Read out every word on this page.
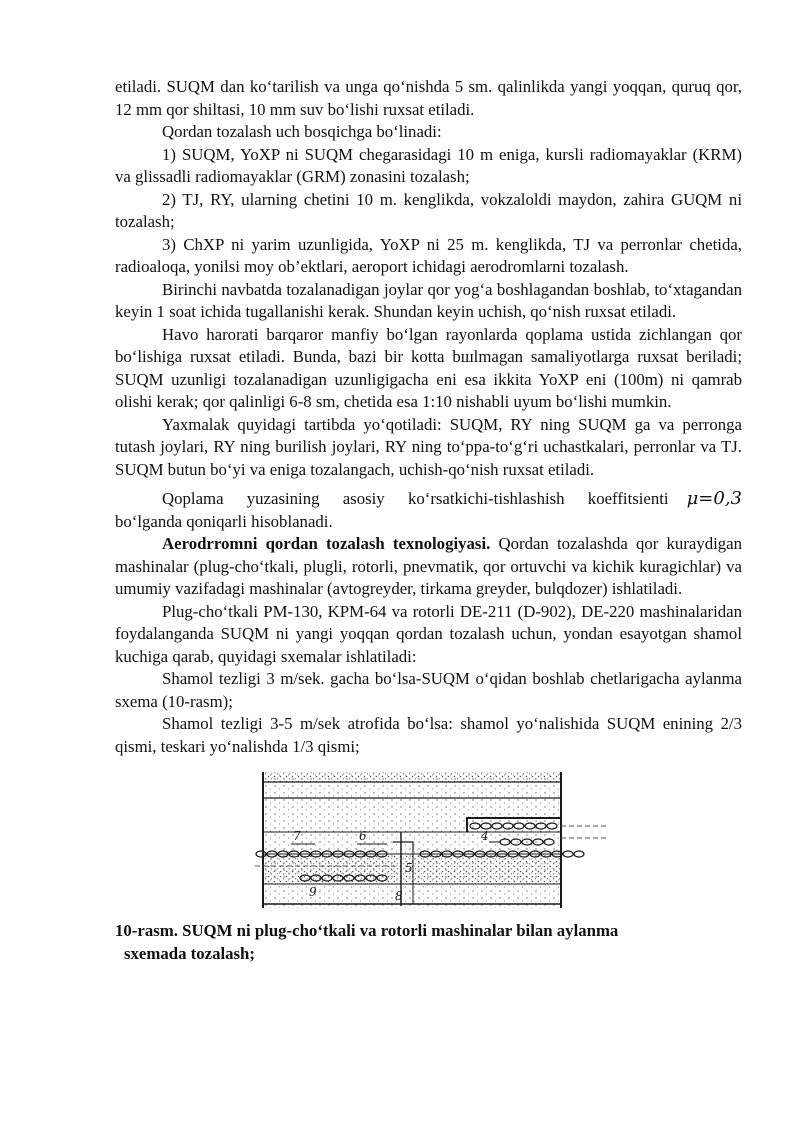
etiladi. SUQM dan ko‘tarilish va unga qo‘nishda 5 sm. qalinlikda yangi yoqqan, quruq qor, 12 mm qor shiltasi, 10 mm suv bo‘lishi ruxsat etiladi.

Qordan tozalash uch bosqichga bo‘linadi:

1) SUQM, YoXP ni SUQM chegarasidagi 10 m eniga, kursli radiomayaklar (KRM) va glissadli radiomayaklar (GRM) zonasini tozalash;

2) TJ, RY, ularning chetini 10 m. kenglikda, vokzaloldi maydon, zahira GUQM ni tozalash;

3) ChXP ni yarim uzunligida, YoXP ni 25 m. kenglikda, TJ va perronlar chetida, radioaloqa, yonilsi moy ob’ektlari, aeroport ichidagi aerodromlarni tozalash.

Birinchi navbatda tozalanadigan joylar qor yog‘a boshlagandan boshlab, to‘xtagandan keyin 1 soat ichida tugallanishi kerak. Shundan keyin uchish, qo‘nish ruxsat etiladi.

Havo harorati barqaror manfiy bo‘lgan rayonlarda qoplama ustida zichlangan qor bo‘lishiga ruxsat etiladi. Bunda, bazi bir kotta bшlmagan samaliyotlarga ruxsat beriladi; SUQM uzunligi tozalanadigan uzunligigacha eni esa ikkita YoXP eni (100m) ni qamrab olishi kerak; qor qalinligi 6-8 sm, chetida esa 1:10 nishabli uyum bo‘lishi mumkin.

Yaxmalak quyidagi tartibda yo‘qotiladi: SUQM, RY ning SUQM ga va perronga tutash joylari, RY ning burilish joylari, RY ning to‘ppa-to‘g‘ri uchastkalari, perronlar va TJ. SUQM butun bo‘yi va eniga tozalangach, uchish-qo‘nish ruxsat etiladi.

Qoplama yuzasining asosiy ko‘rsatkichi-tishlashish koeffitsienti μ=0,3

bo‘lganda qoniqarli hisoblanadi.

Aerodrromni qordan tozalash texnologiyasi. Qordan tozalashda qor kuraydigan mashinalar (plug-cho‘tkali, plugli, rotorli, pnevmatik, qor ortuvchi va kichik kuragichlar) va umumiy vazifadagi mashinalar (avtogreyder, tirkama greyder, bulqdozer) ishlatiladi.

Plug-cho‘tkali PM-130, KPM-64 va rotorli DE-211 (D-902), DE-220 mashinalaridan foydalanganda SUQM ni yangi yoqqan qordan tozalash uchun, yondan esayotgan shamol kuchiga qarab, quyidagi sxemalar ishlatiladi:

Shamol tezligi 3 m/sek. gacha bo‘lsa-SUQM o‘qidan boshlab chetlarigacha aylanma sxema (10-rasm);

Shamol tezligi 3-5 m/sek atrofida bo‘lsa: shamol yo‘nalishida SUQM enining 2/3 qismi, teskari yo‘nalishda 1/3 qismi;

7	6	4
9	8
5

10-rasm. SUQM ni plug-cho‘tkali va rotorli mashinalar bilan aylanma
sxemada tozalash;
